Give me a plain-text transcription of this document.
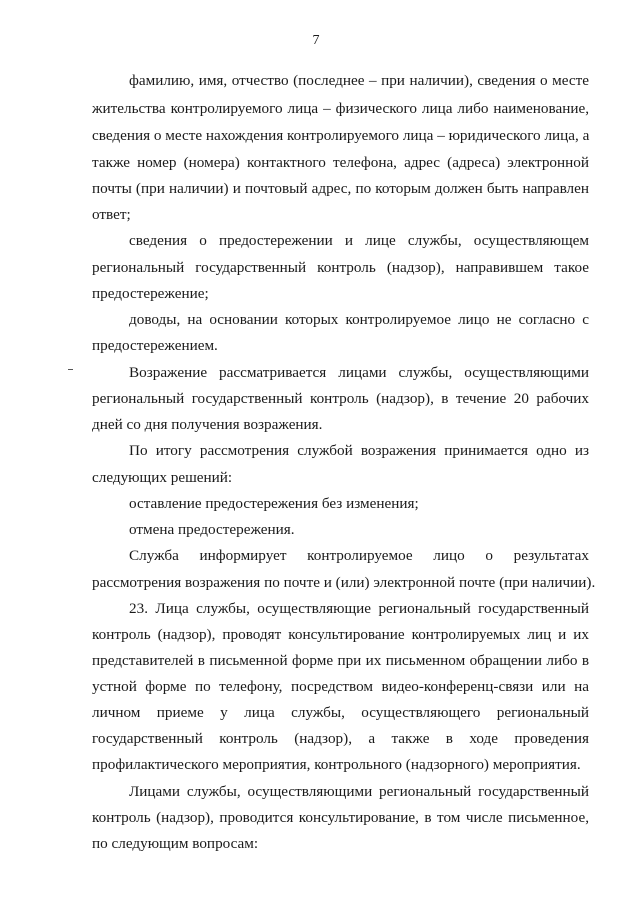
7
фамилию, имя, отчество (последнее – при наличии), сведения о месте
жительства контролируемого лица – физического лица либо наименование,
сведения о месте нахождения контролируемого лица – юридического лица, а
также номер (номера) контактного телефона, адрес (адреса) электронной
почты (при наличии) и почтовый адрес, по которым должен быть направлен
ответ;
сведения о предостережении и лице службы, осуществляющем
региональный государственный контроль (надзор), направившем такое
предостережение;
доводы, на основании которых контролируемое лицо не согласно с
предостережением.
Возражение рассматривается лицами службы, осуществляющими
региональный государственный контроль (надзор), в течение 20 рабочих
дней со дня получения возражения.
По итогу рассмотрения службой возражения принимается одно из
следующих решений:
оставление предостережения без изменения;
отмена предостережения.
Служба информирует контролируемое лицо о результатах
рассмотрения возражения по почте и (или) электронной почте (при наличии).
23. Лица службы, осуществляющие региональный государственный
контроль (надзор), проводят консультирование контролируемых лиц и их
представителей в письменной форме при их письменном обращении либо в
устной форме по телефону, посредством видео-конференц-связи или на
личном приеме у лица службы, осуществляющего региональный
государственный контроль (надзор), а также в ходе проведения
профилактического мероприятия, контрольного (надзорного) мероприятия.
Лицами службы, осуществляющими региональный государственный
контроль (надзор), проводится консультирование, в том числе письменное,
по следующим вопросам:
